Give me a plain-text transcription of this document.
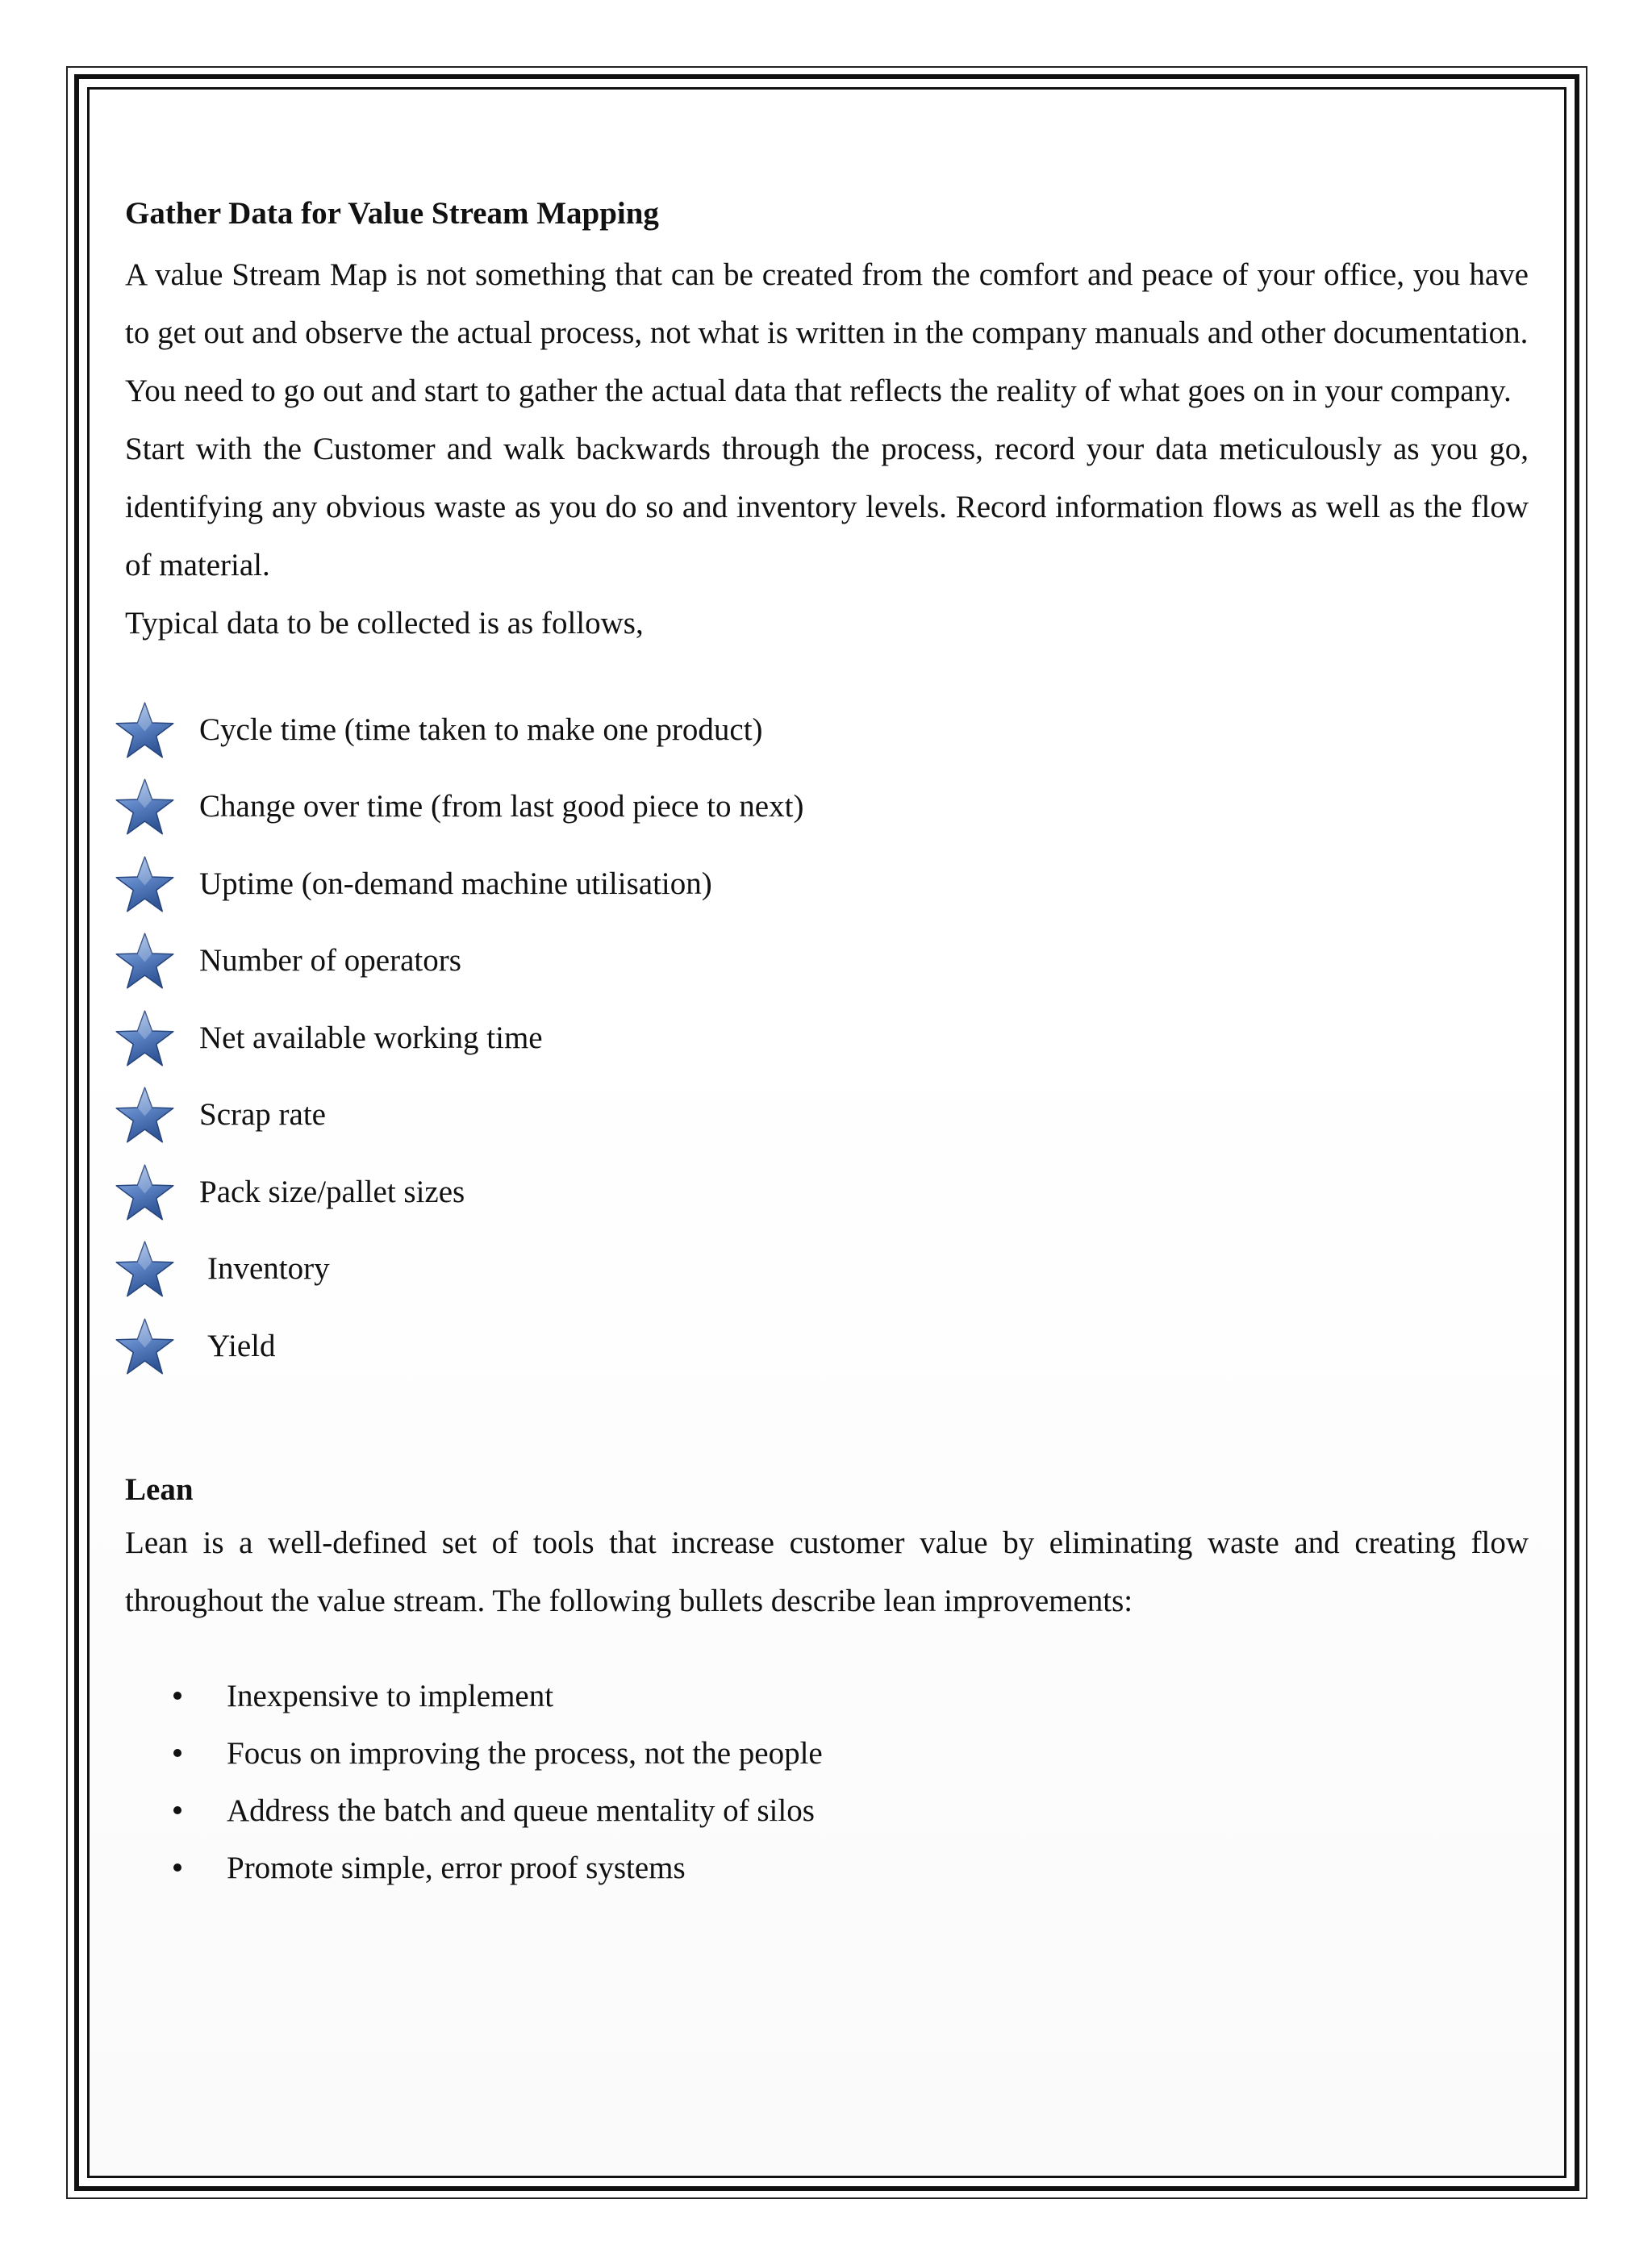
Gather Data for Value Stream Mapping

A value Stream Map is not something that can be created from the comfort and peace of your office, you have to get out and observe the actual process, not what is written in the company manuals and other documentation.

You need to go out and start to gather the actual data that reflects the reality of what goes on in your company.

Start with the Customer and walk backwards through the process, record your data meticulously as you go, identifying any obvious waste as you do so and inventory levels. Record information flows as well as the flow of material.

Typical data to be collected is as follows,

Cycle time (time taken to make one product)
Change over time (from last good piece to next)
Uptime (on-demand machine utilisation)
Number of operators
Net available working time
Scrap rate
Pack size/pallet sizes
Inventory
Yield
Lean

Lean is a well-defined set of tools that increase customer value by eliminating waste and creating flow throughout the value stream. The following bullets describe lean improvements:

Inexpensive to implement
Focus on improving the process, not the people
Address the batch and queue mentality of silos
Promote simple, error proof systems
